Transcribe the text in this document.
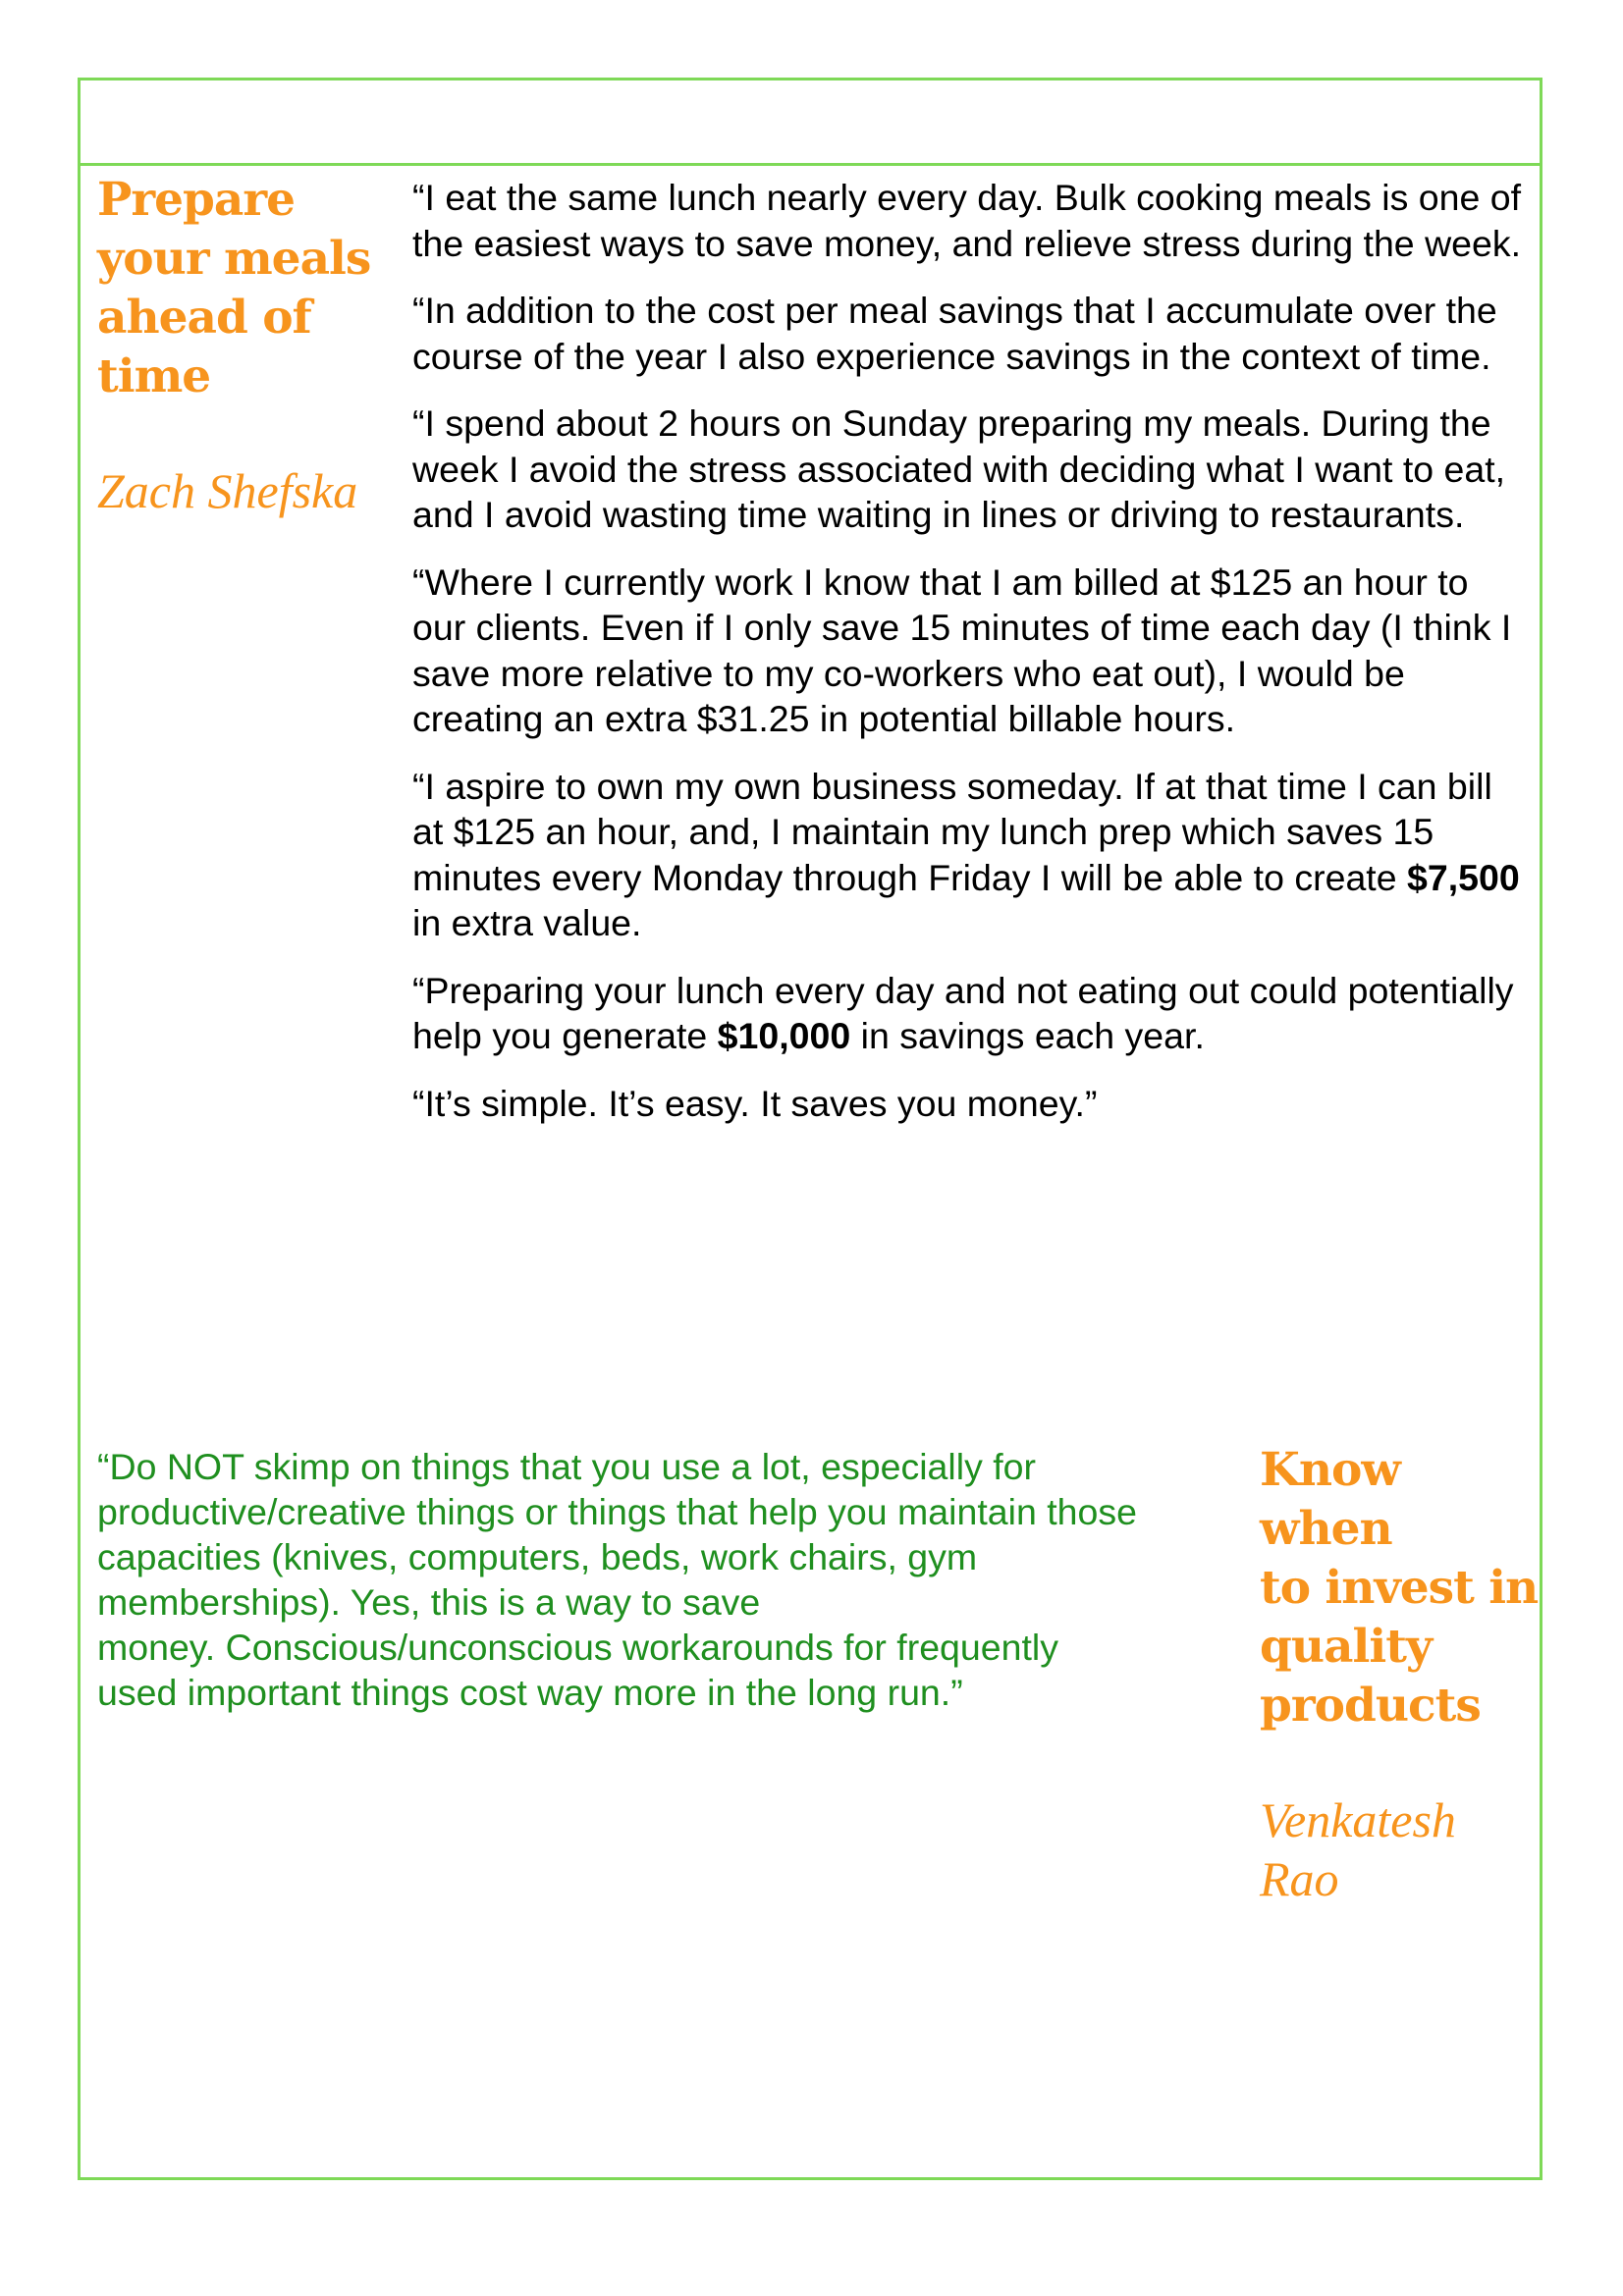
Prepare
your meals
ahead of
time
Zach Shefska

“I eat the same lunch nearly every day. Bulk cooking meals is one of the easiest ways to save money, and relieve stress during the week.

“In addition to the cost per meal savings that I accumulate over the course of the year I also experience savings in the context of time.

“I spend about 2 hours on Sunday preparing my meals. During the week I avoid the stress associated with deciding what I want to eat, and I avoid wasting time waiting in lines or driving to restaurants.

“Where I currently work I know that I am billed at $125 an hour to our clients. Even if I only save 15 minutes of time each day (I think I save more relative to my co-workers who eat out), I would be creating an extra $31.25 in potential billable hours.

“I aspire to own my own business someday. If at that time I can bill at $125 an hour, and, I maintain my lunch prep which saves 15 minutes every Monday through Friday I will be able to create $7,500 in extra value.

“Preparing your lunch every day and not eating out could potentially help you generate $10,000 in savings each year.

“It’s simple. It’s easy. It saves you money.”

“Do NOT skimp on things that you use a lot, especially for
productive/creative things or things that help you maintain those
capacities (knives, computers, beds, work chairs, gym
memberships). Yes, this is a way to save
money. Conscious/unconscious workarounds for frequently
used important things cost way more in the long run.”
Know when
to invest in
quality
products
Venkatesh
Rao
